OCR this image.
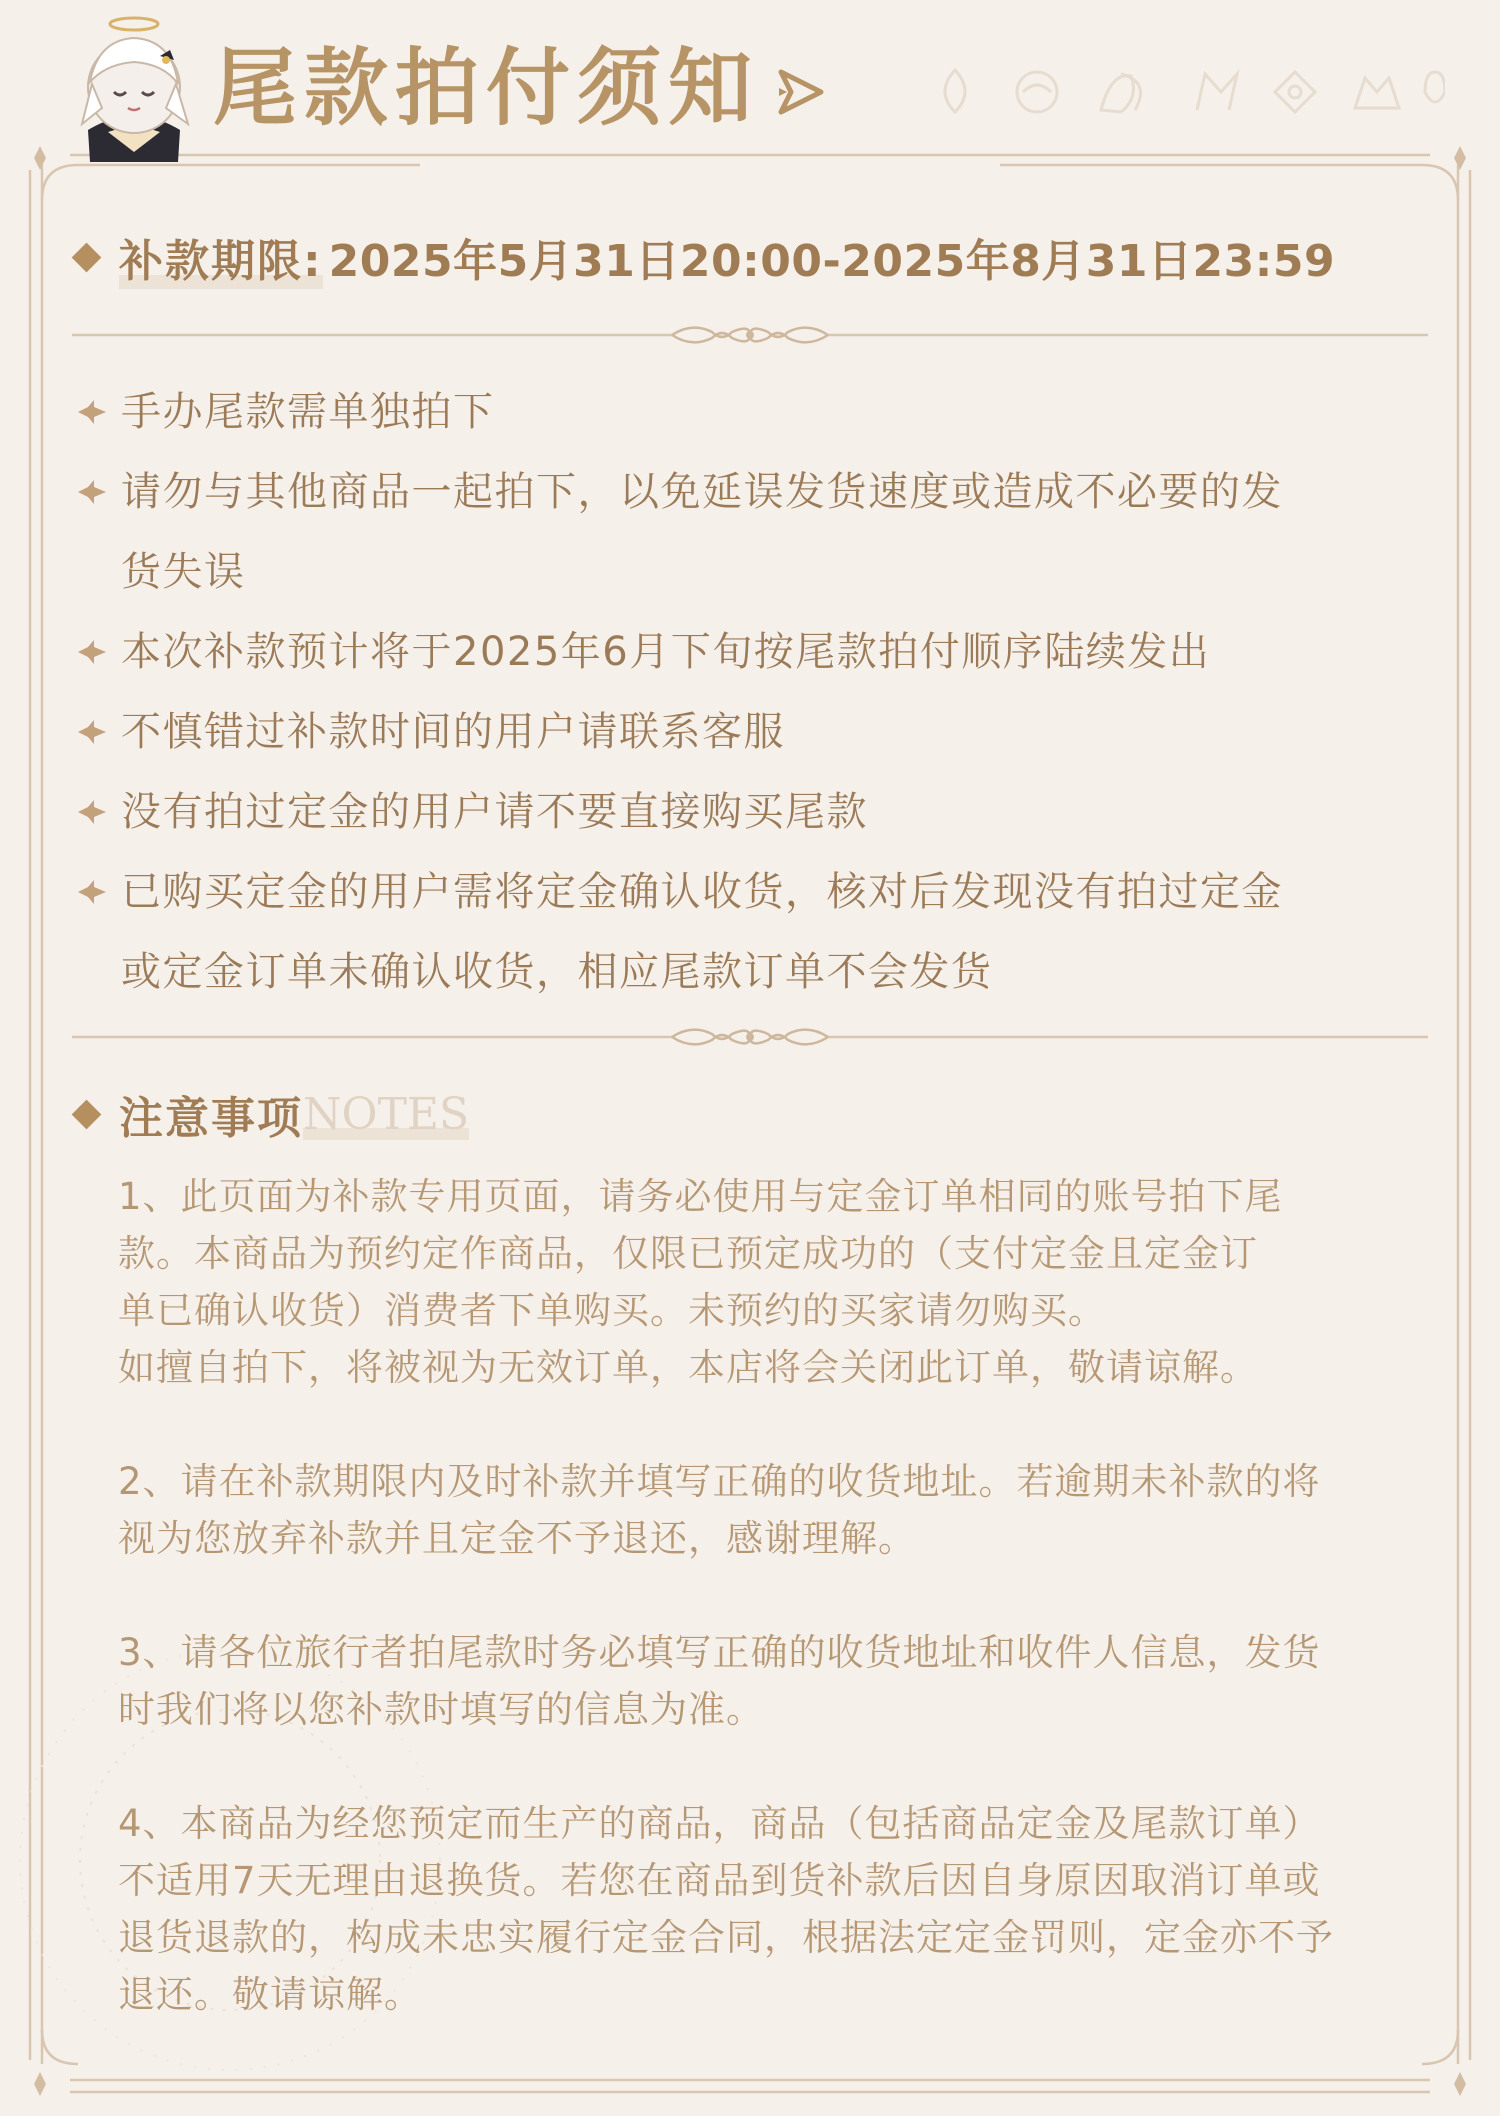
尾款拍付须知
补款期限: 2025年5月31日20:00-2025年8月31日23:59
手办尾款需单独拍下
请勿与其他商品一起拍下，以免延误发货速度或造成不必要的发
货失误
本次补款预计将于2025年6月下旬按尾款拍付顺序陆续发出
不慎错过补款时间的用户请联系客服
没有拍过定金的用户请不要直接购买尾款
已购买定金的用户需将定金确认收货，核对后发现没有拍过定金
或定金订单未确认收货，相应尾款订单不会发货
注意事项 NOTES
1、此页面为补款专用页面，请务必使用与定金订单相同的账号拍下尾
款。本商品为预约定作商品，仅限已预定成功的（支付定金且定金订
单已确认收货）消费者下单购买。未预约的买家请勿购买。
如擅自拍下，将被视为无效订单，本店将会关闭此订单，敬请谅解。
2、请在补款期限内及时补款并填写正确的收货地址。若逾期未补款的将
视为您放弃补款并且定金不予退还，感谢理解。
3、请各位旅行者拍尾款时务必填写正确的收货地址和收件人信息，发货
时我们将以您补款时填写的信息为准。
4、本商品为经您预定而生产的商品，商品（包括商品定金及尾款订单）
不适用7天无理由退换货。若您在商品到货补款后因自身原因取消订单或
退货退款的，构成未忠实履行定金合同，根据法定定金罚则，定金亦不予
退还。敬请谅解。
